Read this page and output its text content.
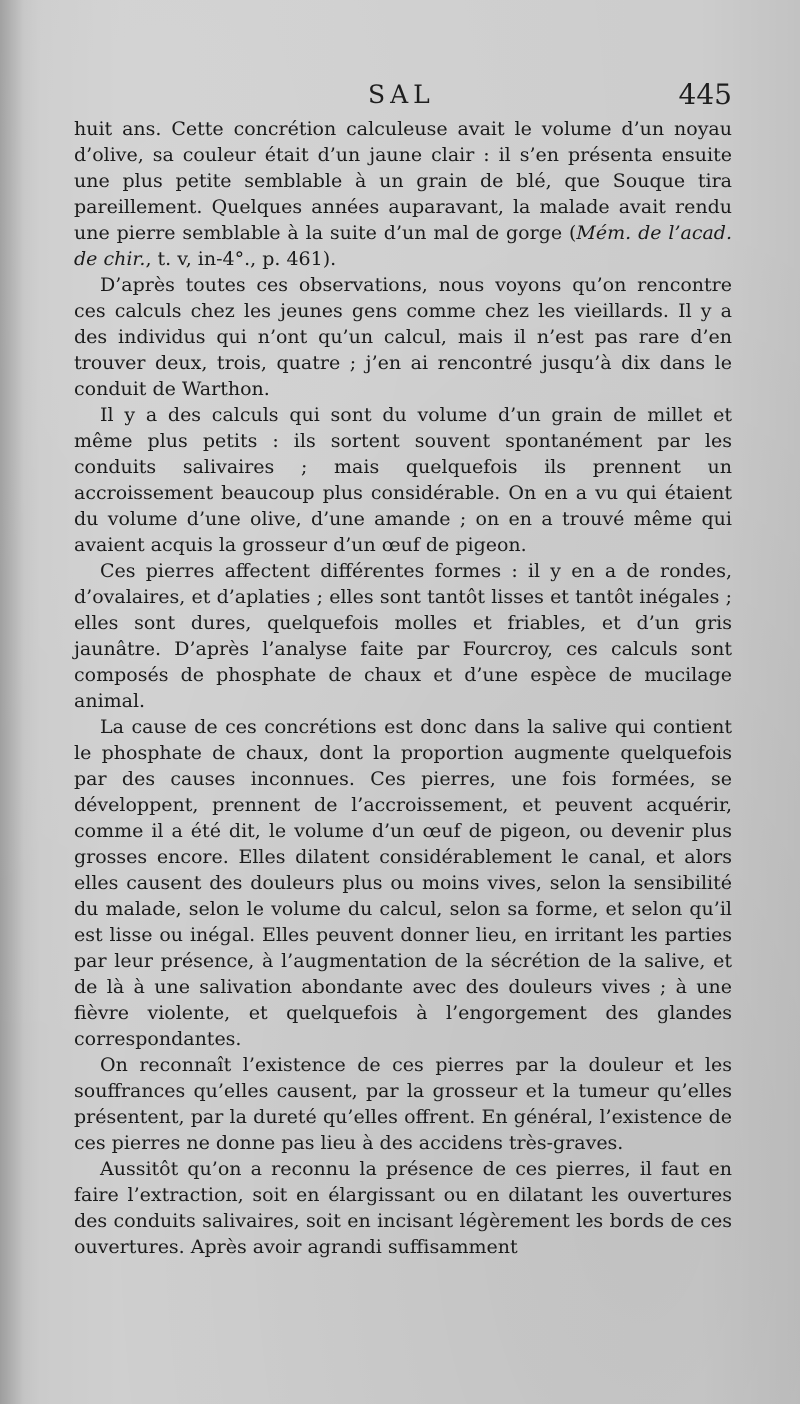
SAL	445

huit ans. Cette concrétion calculeuse avait le volume d’un noyau d’olive, sa couleur était d’un jaune clair : il s’en présenta ensuite une plus petite semblable à un grain de blé, que Souque tira pareillement. Quelques années auparavant, la malade avait rendu une pierre semblable à la suite d’un mal de gorge (Mém. de l’acad. de chir., t. v, in-4°., p. 461).

D’après toutes ces observations, nous voyons qu’on rencontre ces calculs chez les jeunes gens comme chez les vieillards. Il y a des individus qui n’ont qu’un calcul, mais il n’est pas rare d’en trouver deux, trois, quatre ; j’en ai rencontré jusqu’à dix dans le conduit de Warthon.

Il y a des calculs qui sont du volume d’un grain de millet et même plus petits : ils sortent souvent spontanément par les conduits salivaires ; mais quelquefois ils prennent un accroissement beaucoup plus considérable. On en a vu qui étaient du volume d’une olive, d’une amande ; on en a trouvé même qui avaient acquis la grosseur d’un œuf de pigeon.

Ces pierres affectent différentes formes : il y en a de rondes, d’ovalaires, et d’aplaties ; elles sont tantôt lisses et tantôt inégales ; elles sont dures, quelquefois molles et friables, et d’un gris jaunâtre. D’après l’analyse faite par Fourcroy, ces calculs sont composés de phosphate de chaux et d’une espèce de mucilage animal.

La cause de ces concrétions est donc dans la salive qui contient le phosphate de chaux, dont la proportion augmente quelquefois par des causes inconnues. Ces pierres, une fois formées, se développent, prennent de l’accroissement, et peuvent acquérir, comme il a été dit, le volume d’un œuf de pigeon, ou devenir plus grosses encore. Elles dilatent considérablement le canal, et alors elles causent des douleurs plus ou moins vives, selon la sensibilité du malade, selon le volume du calcul, selon sa forme, et selon qu’il est lisse ou inégal. Elles peuvent donner lieu, en irritant les parties par leur présence, à l’augmentation de la sécrétion de la salive, et de là à une salivation abondante avec des douleurs vives ; à une fièvre violente, et quelquefois à l’engorgement des glandes correspondantes.

On reconnaît l’existence de ces pierres par la douleur et les souffrances qu’elles causent, par la grosseur et la tumeur qu’elles présentent, par la dureté qu’elles offrent. En général, l’existence de ces pierres ne donne pas lieu à des accidens très-graves.

Aussitôt qu’on a reconnu la présence de ces pierres, il faut en faire l’extraction, soit en élargissant ou en dilatant les ouvertures des conduits salivaires, soit en incisant légèrement les bords de ces ouvertures. Après avoir agrandi suffisamment
